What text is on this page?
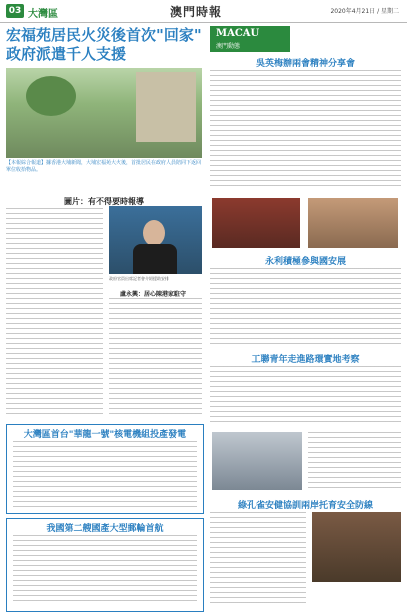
03 大灣區	澳門時報	2020年4月21日 / 星期二
宏福苑居民火災後首次"回家"
政府派遣千人支援
【本報綜合報道】據香港大埔新聞，大埔宏福苑大火後，首批居民在政府人員陪同下返回單位收拾物品。
圖片：有不得要時報導
政府官員出席記者會介紹援助安排
盧永興：居心陳港家駐守
大灣區首台"華龍一號"核電機組投產發電
我國第二艘國產大型郵輪首航
MACAU
澳門動態
吳英梅辦兩會精神分享會
永利積極參與國安展
工聯青年走進路環實地考察
綠孔雀安健協訓兩岸托育安全防線
